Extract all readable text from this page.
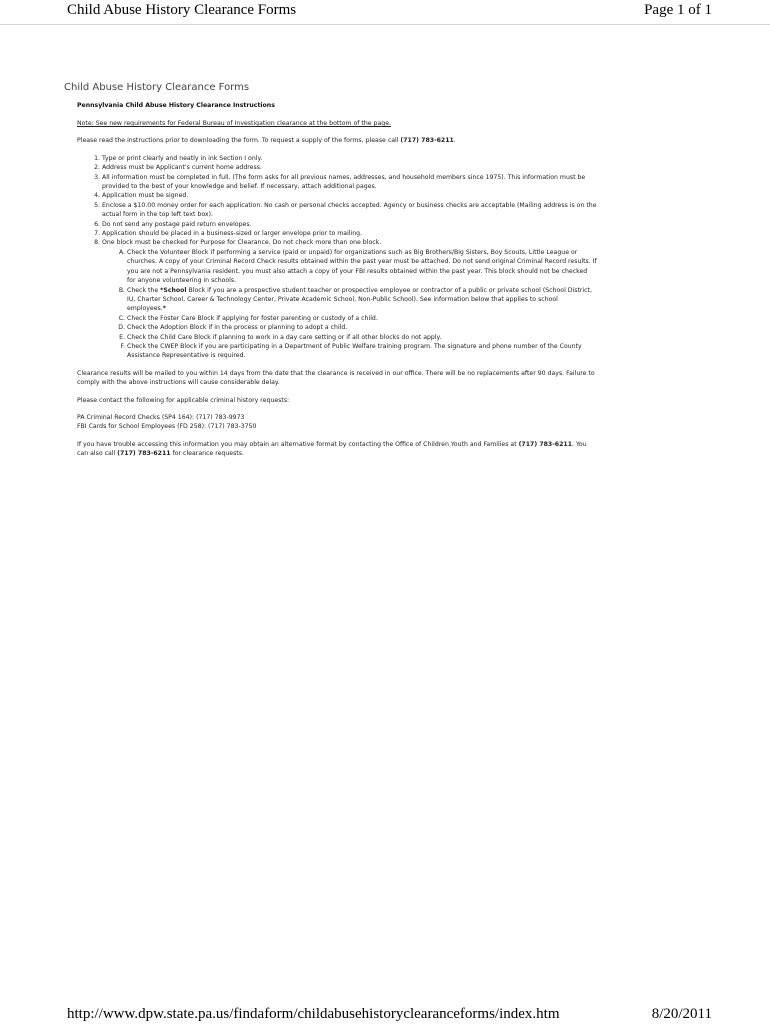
Child Abuse History Clearance Forms	Page 1 of 1
Child Abuse History Clearance Forms
Pennsylvania Child Abuse History Clearance Instructions

Note: See new requirements for Federal Bureau of Investigation clearance at the bottom of the page.

Please read the instructions prior to downloading the form. To request a supply of the forms, please call (717) 783-6211.

1. Type or print clearly and neatly in ink Section I only.
2. Address must be Applicant's current home address.
3. All information must be completed in full. (The form asks for all previous names, addresses, and household members since 1975). This information must be provided to the best of your knowledge and belief. If necessary, attach additional pages.
4. Application must be signed.
5. Enclose a $10.00 money order for each application. No cash or personal checks accepted. Agency or business checks are acceptable (Mailing address is on the actual form in the top left text box).
6. Do not send any postage paid return envelopes.
7. Application should be placed in a business-sized or larger envelope prior to mailing.
8. One block must be checked for Purpose for Clearance. Do not check more than one block.
A. Check the Volunteer Block if performing a service (paid or unpaid) for organizations such as Big Brothers/Big Sisters, Boy Scouts, Little League or churches. A copy of your Criminal Record Check results obtained within the past year must be attached. Do not send original Criminal Record results. If you are not a Pennsylvania resident, you must also attach a copy of your FBI results obtained within the past year. This block should not be checked for anyone volunteering in schools.
B. Check the *School Block if you are a prospective student teacher or prospective employee or contractor of a public or private school (School District, IU, Charter School, Career & Technology Center, Private Academic School, Non-Public School). See information below that applies to school employees.*
C. Check the Foster Care Block if applying for foster parenting or custody of a child.
D. Check the Adoption Block if in the process or planning to adopt a child.
E. Check the Child Care Block if planning to work in a day care setting or if all other blocks do not apply.
F. Check the CWEP Block if you are participating in a Department of Public Welfare training program. The signature and phone number of the County Assistance Representative is required.

Clearance results will be mailed to you within 14 days from the date that the clearance is received in our office. There will be no replacements after 90 days. Failure to comply with the above instructions will cause considerable delay.

Please contact the following for applicable criminal history requests:

PA Criminal Record Checks (SP4 164): (717) 783-9973
FBI Cards for School Employees (FD 258): (717) 783-3750

If you have trouble accessing this information you may obtain an alternative format by contacting the Office of Children Youth and Families at (717) 783-6211. You can also call (717) 783-6211 for clearance requests.

http://www.dpw.state.pa.us/findaform/childabusehistoryclearanceforms/index.htm	8/20/2011
